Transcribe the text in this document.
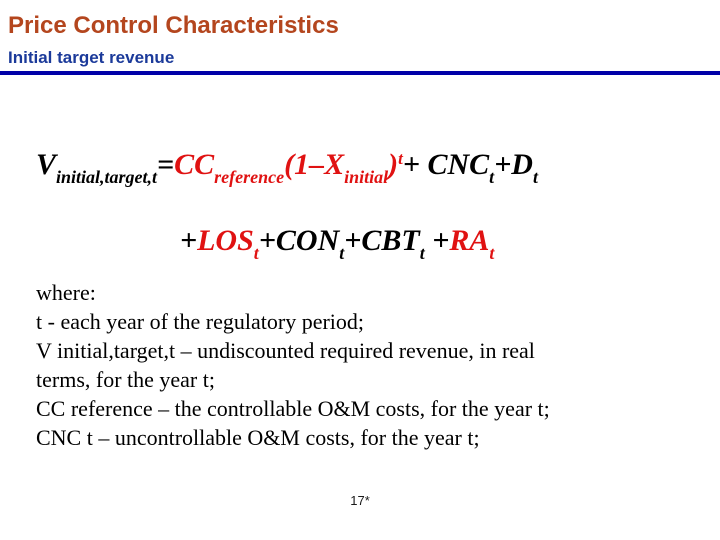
Price Control Characteristics
Initial target revenue
Vinitial,target,t=CCreference(1–Xinitial)t+ CNCt+Dt
+LOSt+CONt+CBTt +RAt
where:
t - each year of the regulatory period;
V initial,target,t – undiscounted required revenue, in real
terms, for the year t;
CC reference – the controllable O&M costs, for the year t;
CNC t – uncontrollable O&M costs, for the year t;
17*
